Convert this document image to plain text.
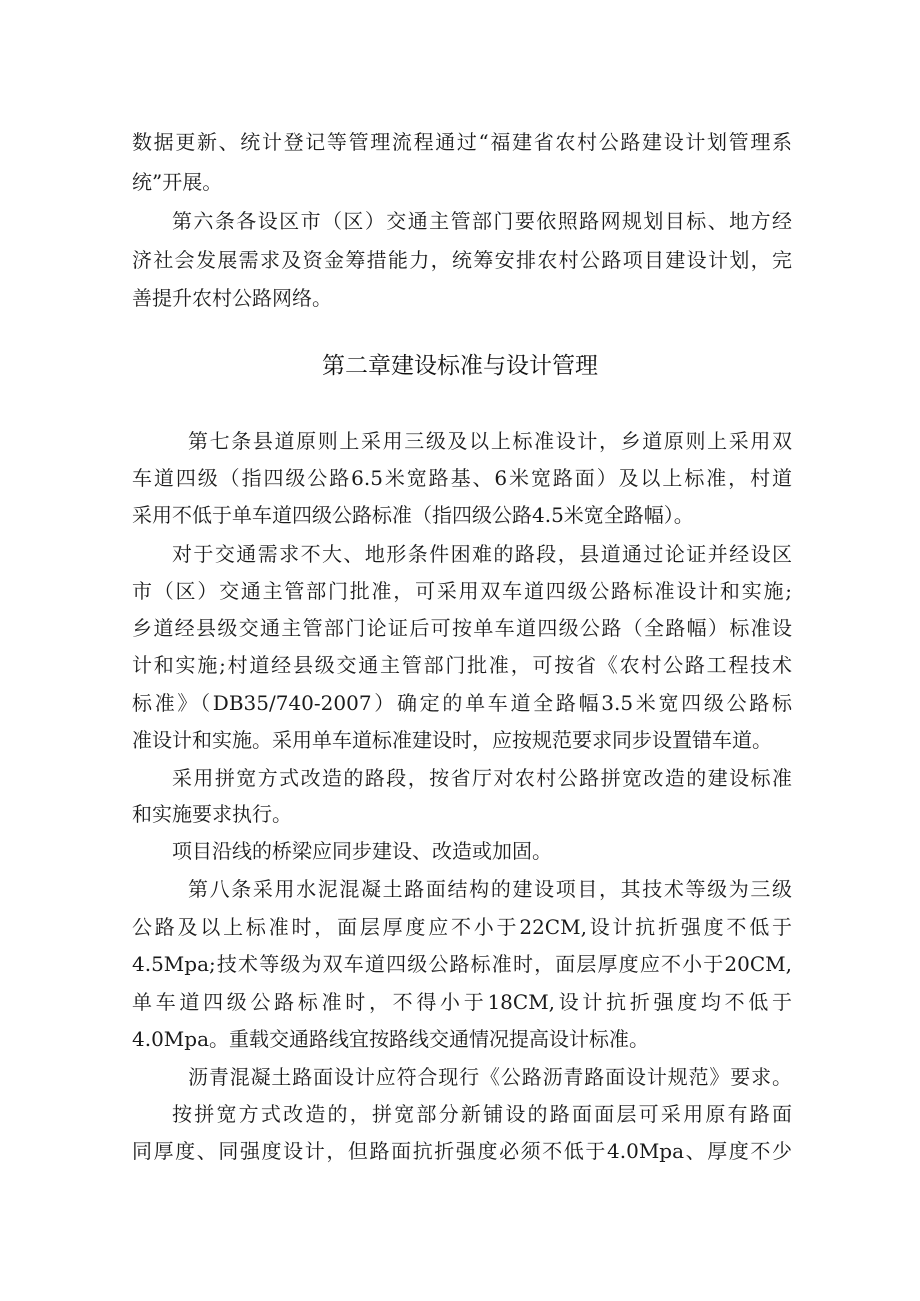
数据更新、统计登记等管理流程通过“福建省农村公路建设计划管理系
统”开展。
第六条各设区市（区）交通主管部门要依照路网规划目标、地方经
济社会发展需求及资金筹措能力，统筹安排农村公路项目建设计划，完
善提升农村公路网络。
第二章建设标准与设计管理
第七条县道原则上采用三级及以上标准设计，乡道原则上采用双
车道四级（指四级公路6.5米宽路基、6米宽路面）及以上标准，村道
采用不低于单车道四级公路标准（指四级公路4.5米宽全路幅）。
对于交通需求不大、地形条件困难的路段，县道通过论证并经设区
市（区）交通主管部门批准，可采用双车道四级公路标准设计和实施;
乡道经县级交通主管部门论证后可按单车道四级公路（全路幅）标准设
计和实施;村道经县级交通主管部门批准，可按省《农村公路工程技术
标准》（DB35/740-2007）确定的单车道全路幅3.5米宽四级公路标
准设计和实施。采用单车道标准建设时，应按规范要求同步设置错车道。
采用拼宽方式改造的路段，按省厅对农村公路拼宽改造的建设标准
和实施要求执行。
项目沿线的桥梁应同步建设、改造或加固。
第八条采用水泥混凝土路面结构的建设项目，其技术等级为三级
公路及以上标准时，面层厚度应不小于22CM,设计抗折强度不低于
4.5Mpa;技术等级为双车道四级公路标准时，面层厚度应不小于20CM,
单车道四级公路标准时，不得小于18CM,设计抗折强度均不低于
4.0Mpa。重载交通路线宜按路线交通情况提高设计标准。
沥青混凝土路面设计应符合现行《公路沥青路面设计规范》要求。
按拼宽方式改造的，拼宽部分新铺设的路面面层可采用原有路面
同厚度、同强度设计，但路面抗折强度必须不低于4.0Mpa、厚度不少
